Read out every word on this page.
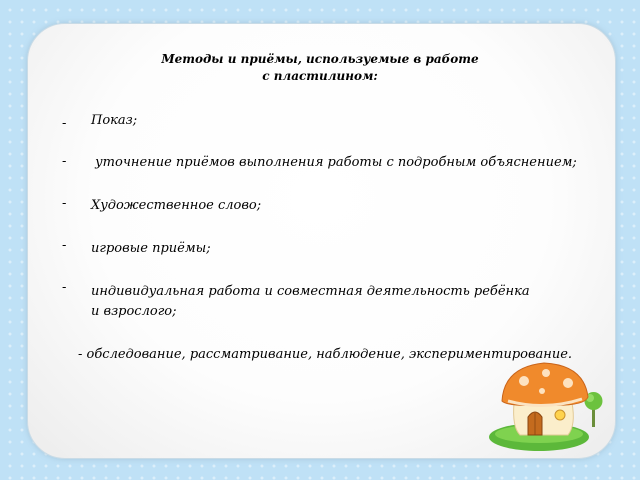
Методы и приёмы, используемые в работе
с пластилином:
- Показ;
- уточнение приёмов выполнения работы с подробным объяснением;
- Художественное слово;
- игровые приёмы;
- индивидуальная работа и совместная деятельность ребёнка и взрослого;
- обследование, рассматривание, наблюдение, экспериментирование.
